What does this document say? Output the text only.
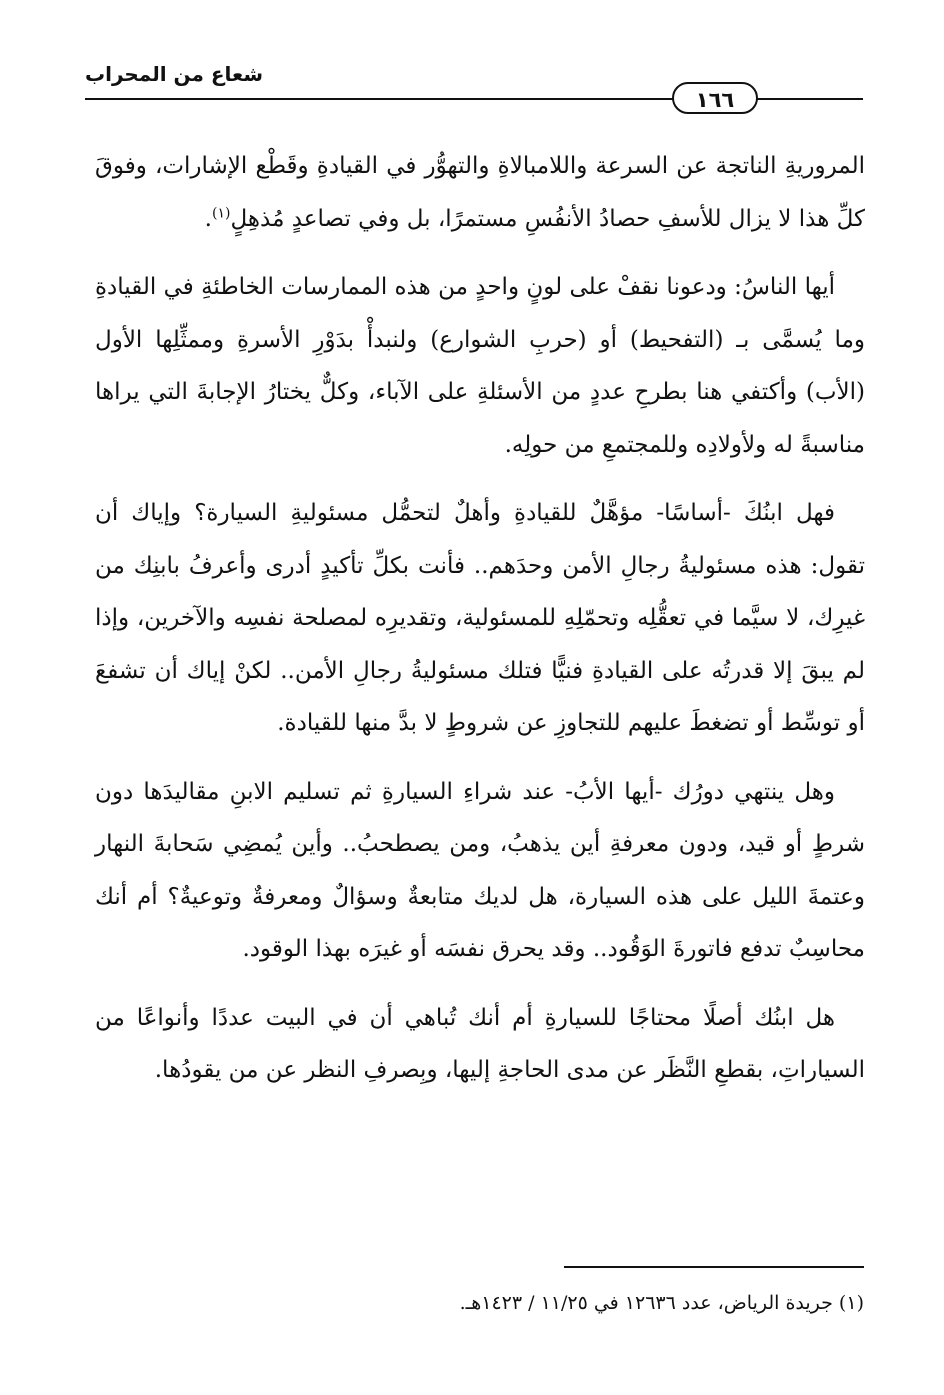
شعاع من المحراب
١٦٦

المروريةِ الناتجة عن السرعة واللامبالاةِ والتهوُّر في القيادةِ وقَطْع الإشارات، وفوقَ كلِّ هذا لا يزال للأسفِ حصادُ الأنفُسِ مستمرًا، بل وفي تصاعدٍ مُذهِلٍ$^{(١)}$.

أيها الناسُ: ودعونا نقفْ على لونٍ واحدٍ من هذه الممارسات الخاطئةِ في القيادةِ وما يُسمَّى بـ (التفحيط) أو (حربِ الشوارع) ولنبدأْ بدَوْرِ الأسرةِ وممثِّلِها الأول (الأب) وأكتفي هنا بطرحِ عددٍ من الأسئلةِ على الآباء، وكلٌّ يختارُ الإجابةَ التي يراها مناسبةً له ولأولادِه وللمجتمعِ من حولِه.

فهل ابنُكَ -أساسًا- مؤهَّلٌ للقيادةِ وأهلٌ لتحمُّل مسئوليةِ السيارة؟ وإياك أن تقول: هذه مسئوليةُ رجالِ الأمن وحدَهم.. فأنت بكلِّ تأكيدٍ أدرى وأعرفُ بابنِك من غيرِك، لا سيَّما في تعقُّلِه وتحمّلِهِ للمسئولية، وتقديرِه لمصلحة نفسِه والآخرين، وإذا لم يبقَ إلا قدرتُه على القيادةِ فنيًّا فتلك مسئوليةُ رجالِ الأمن.. لكنْ إياك أن تشفعَ أو توسِّط أو تضغطَ عليهم للتجاوزِ عن شروطٍ لا بدَّ منها للقيادة.

وهل ينتهي دورُك -أيها الأبُ- عند شراءِ السيارةِ ثم تسليم الابنِ مقاليدَها دون شرطٍ أو قيد، ودون معرفةِ أين يذهبُ، ومن يصطحبُ.. وأين يُمضِي سَحابةَ النهار وعتمةَ الليل على هذه السيارة، هل لديك متابعةٌ وسؤالٌ ومعرفةٌ وتوعيةٌ؟ أم أنك محاسِبٌ تدفع فاتورةَ الوَقُود.. وقد يحرق نفسَه أو غيرَه بهذا الوقود.

هل ابنُك أصلًا محتاجًا للسيارةِ أم أنك تُباهي أن في البيت عددًا وأنواعًا من السياراتِ، بقطعِ النَّظَر عن مدى الحاجةِ إليها، وبِصرفِ النظر عن من يقودُها.

(١) جريدة الرياض، عدد ١٢٦٣٦ في ١١/٢٥ / ١٤٢٣هـ.
